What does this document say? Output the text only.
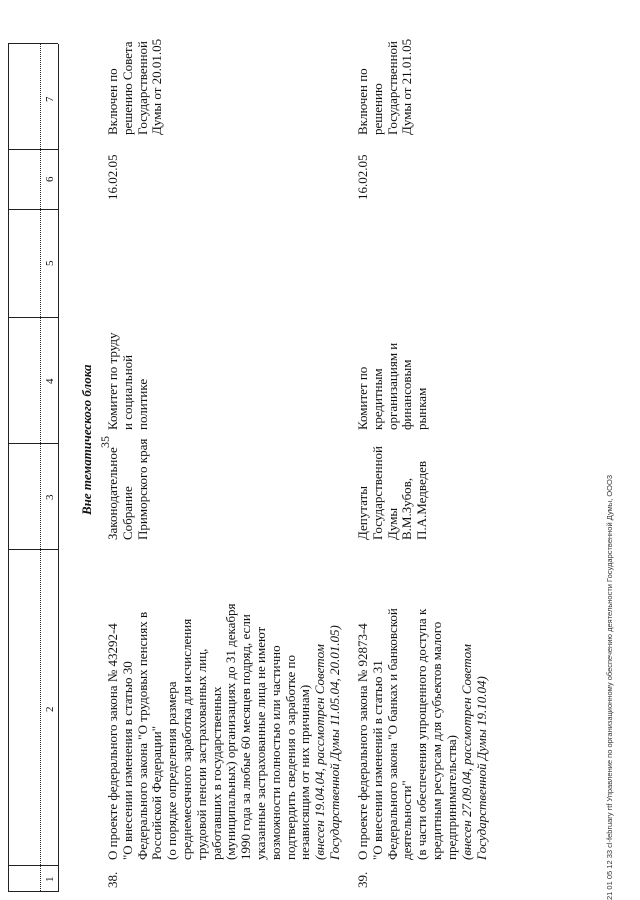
35
1
2
3
4
5
6
7
Вне тематического блока
38.
О проекте федерального закона № 43292-4
"О внесении изменения в статью 30
Федерального закона "О трудовых пенсиях в
Российской Федерации"
(о порядке определения размера
среднемесячного заработка для исчисления
трудовой пенсии застрахованных лиц,
работавших в государственных
(муниципальных) организациях до 31 декабря
1990 года за любые 60 месяцев подряд, если
указанные застрахованные лица не имеют
возможности полностью или частично
подтвердить сведения о заработке по
независящим от них причинам)
(внесен 19.04.04, рассмотрен Советом
Государственной Думы 11.05.04, 20.01.05)
Законодательное
Собрание
Приморского края
Комитет по труду
и социальной
политике
16.02.05
Включен по
решению Совета
Государственной
Думы от 20.01.05
39.
О проекте федерального закона № 92873-4
"О внесении изменений в статью 31
Федерального закона "О банках и банковской
деятельности"
(в части обеспечения упрощенного доступа к
кредитным ресурсам для субъектов малого
предпринимательства) (внесен 27.09.04, рассмотрен Советом
Государственной Думы 19.10.04)
Депутаты
Государственной
Думы
В.М.Зубов,
П.А.Медведев
Комитет по
кредитным
организациям и
финансовым
рынкам
16.02.05
Включен по
решению
Государственной
Думы от 21.01.05
21 01 05 12 33 сl-february rtf Управление по организационному обеспечению деятельности Государственной Думы, ООО3
